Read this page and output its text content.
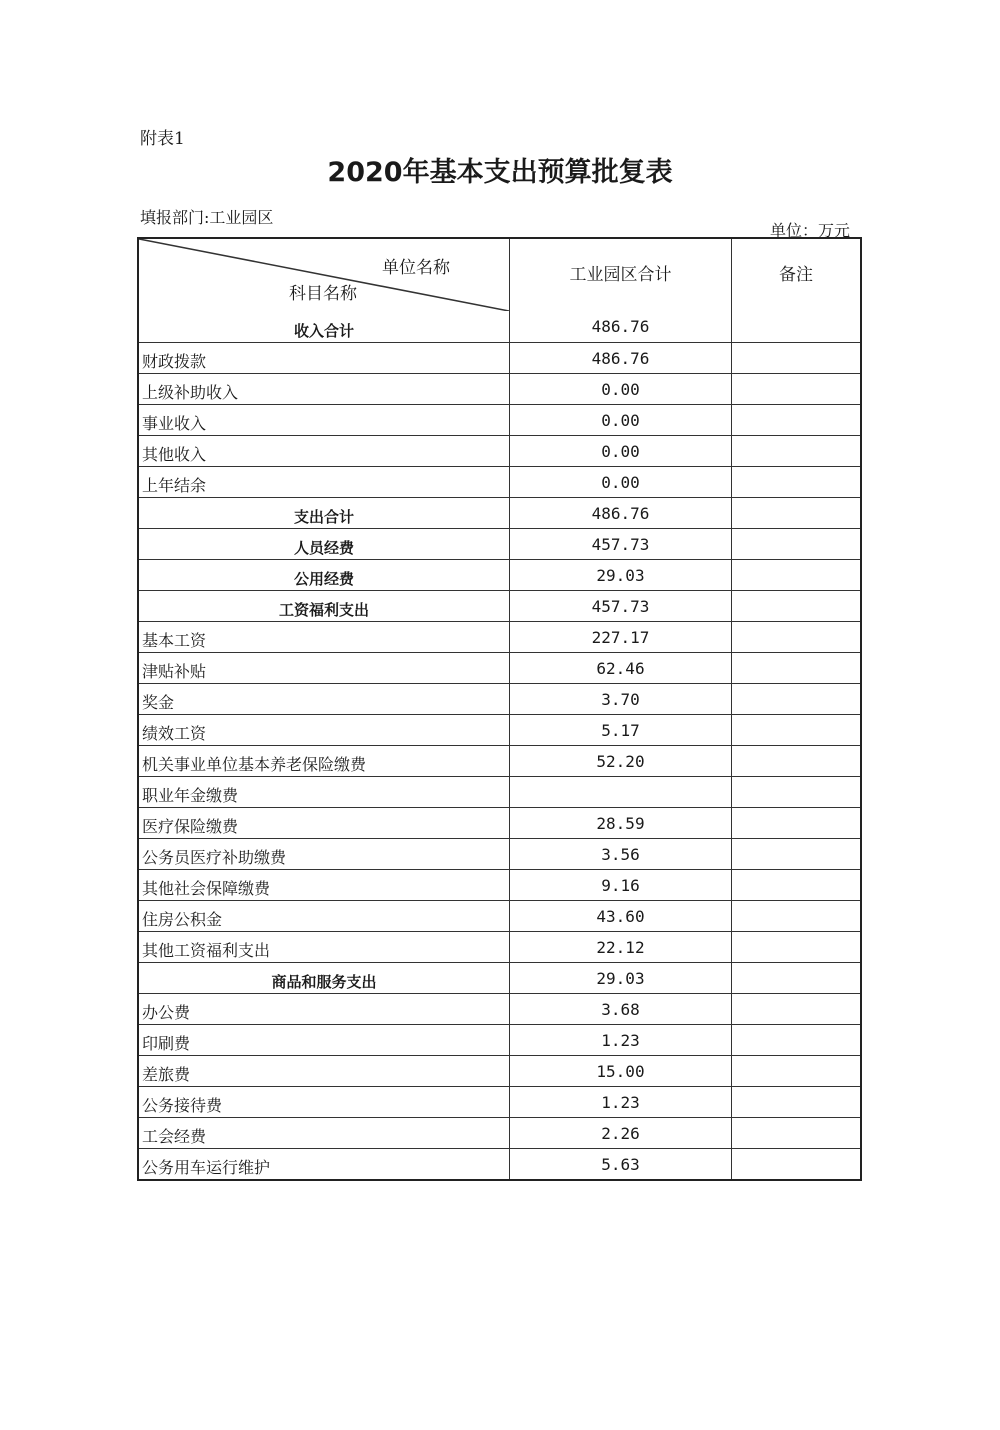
附表1
2020年基本支出预算批复表
填报部门:工业园区
单位：万元
单位名称
科目名称
工业园区合计	备注
收入合计	486.76
财政拨款	486.76
上级补助收入	0.00
事业收入	0.00
其他收入	0.00
上年结余	0.00
支出合计	486.76
人员经费	457.73
公用经费	29.03
工资福利支出	457.73
基本工资	227.17
津贴补贴	62.46
奖金	3.70
绩效工资	5.17
机关事业单位基本养老保险缴费	52.20
职业年金缴费
医疗保险缴费	28.59
公务员医疗补助缴费	3.56
其他社会保障缴费	9.16
住房公积金	43.60
其他工资福利支出	22.12
商品和服务支出	29.03
办公费	3.68
印刷费	1.23
差旅费	15.00
公务接待费	1.23
工会经费	2.26
公务用车运行维护	5.63
